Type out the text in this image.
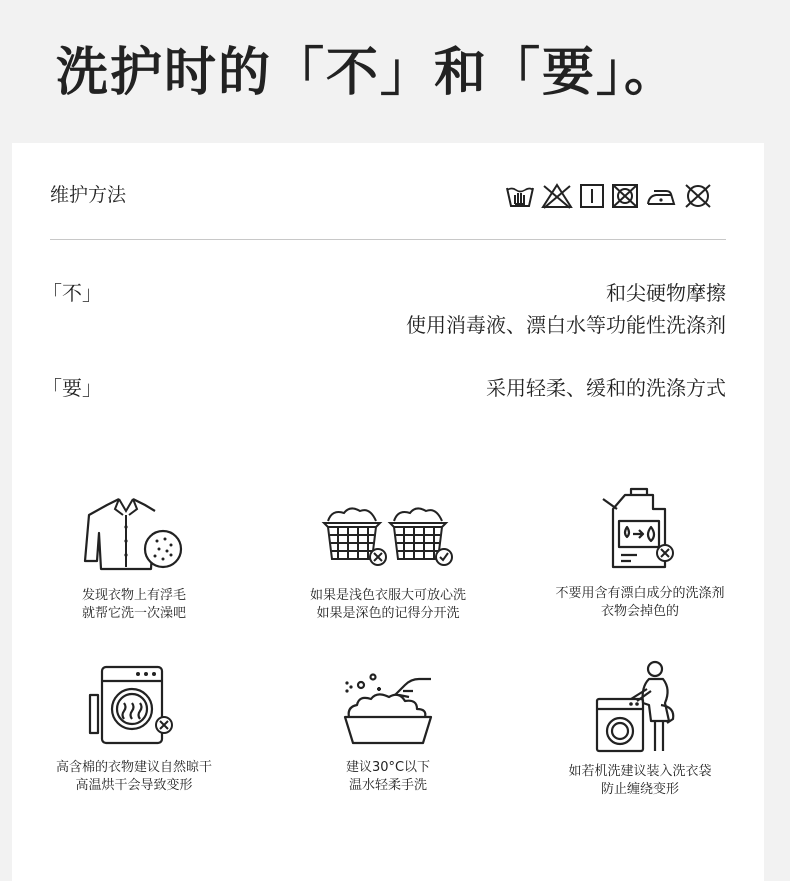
洗护时的「不」和「要」。
维护方法
「不」	和尖硬物摩擦
使用消毒液、漂白水等功能性洗涤剂
「要」	采用轻柔、缓和的洗涤方式
发现衣物上有浮毛
就帮它洗一次澡吧
如果是浅色衣服大可放心洗
如果是深色的记得分开洗
不要用含有漂白成分的洗涤剂
衣物会掉色的
高含棉的衣物建议自然晾干
高温烘干会导致变形
建议30°C以下
温水轻柔手洗
如若机洗建议装入洗衣袋
防止缠绕变形
